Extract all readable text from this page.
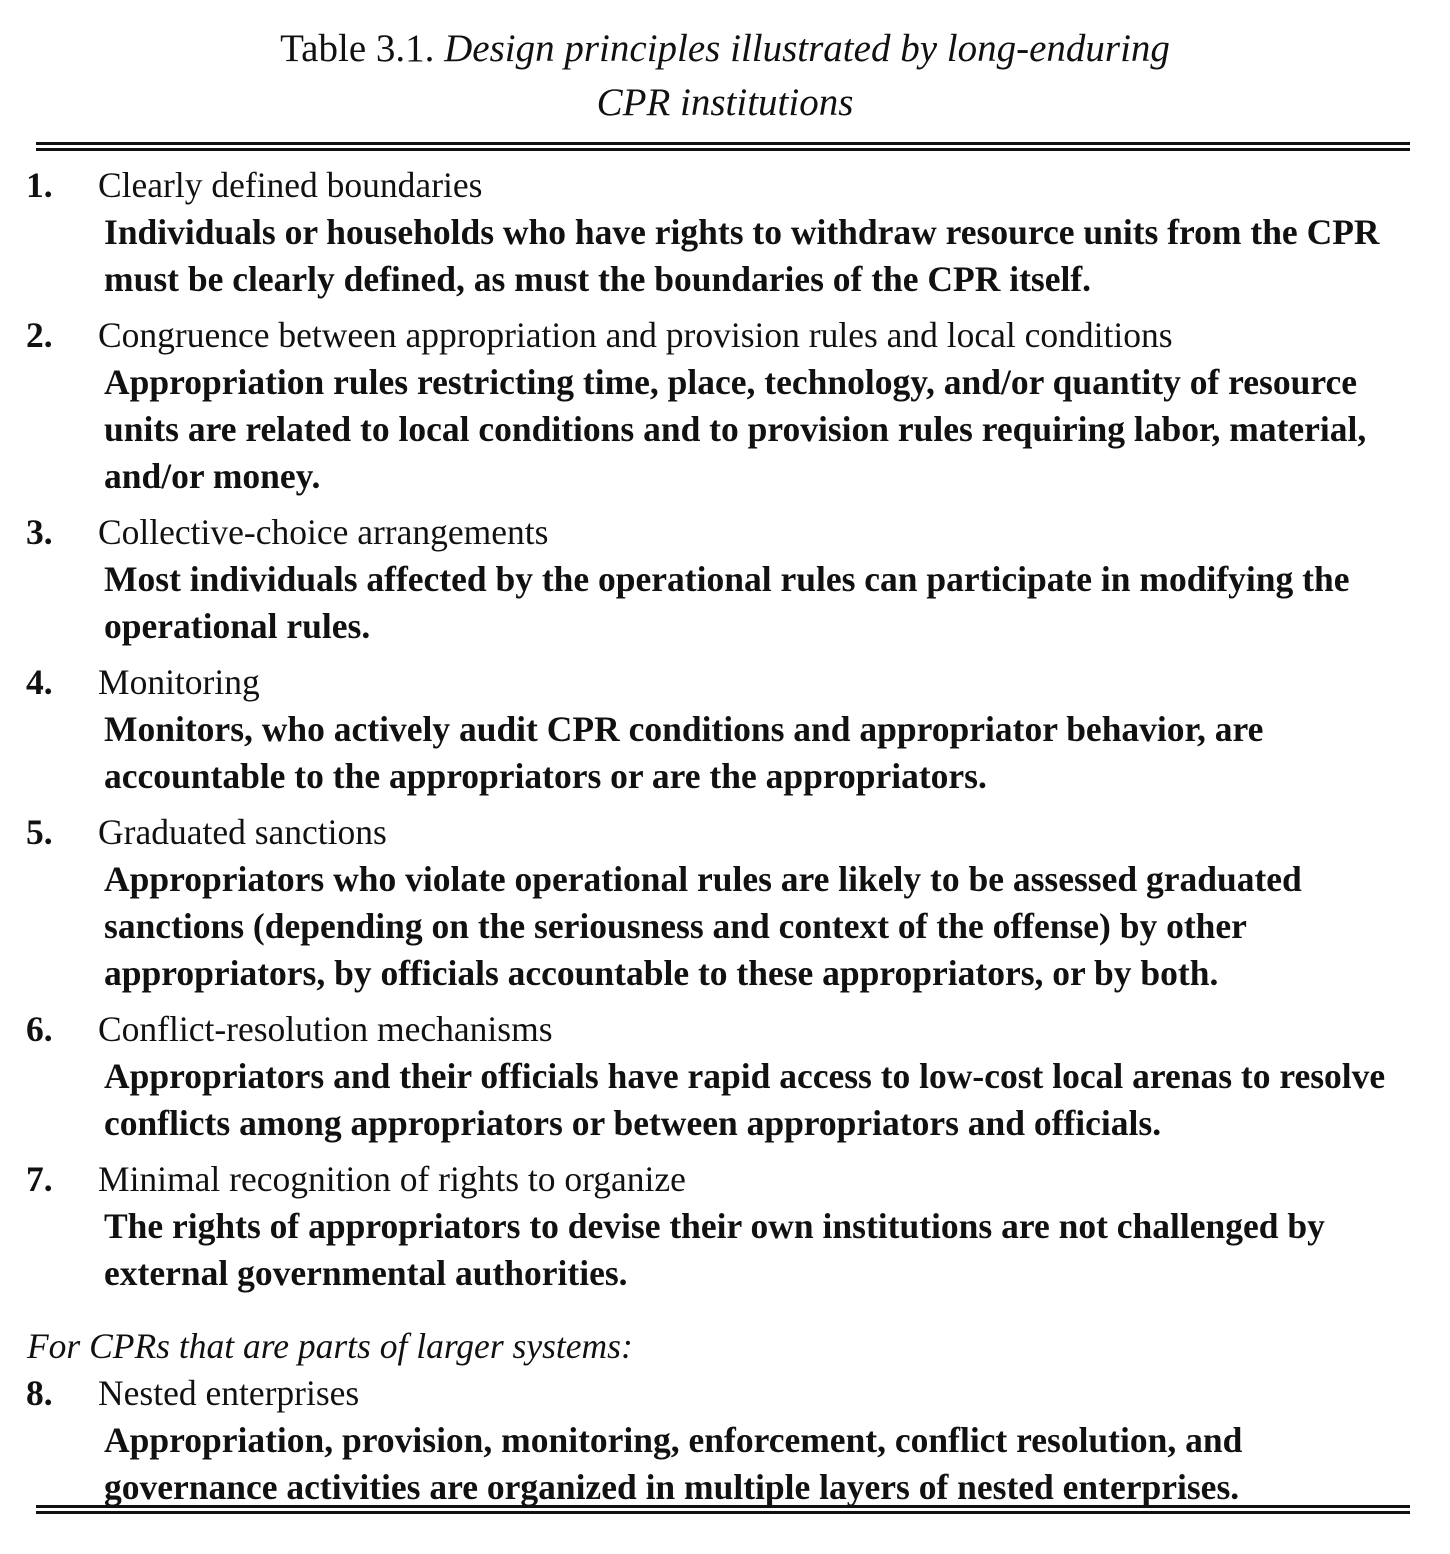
Table 3.1. Design principles illustrated by long-enduring
CPR institutions
1.	Clearly defined boundaries
Individuals or households who have rights to withdraw resource units from the CPR must be clearly defined, as must the boundaries of the CPR itself.
2.	Congruence between appropriation and provision rules and local conditions
Appropriation rules restricting time, place, technology, and/or quantity of resource units are related to local conditions and to provision rules requiring labor, material, and/or money.
3.	Collective-choice arrangements
Most individuals affected by the operational rules can participate in modifying the operational rules.
4.	Monitoring
Monitors, who actively audit CPR conditions and appropriator behavior, are accountable to the appropriators or are the appropriators.
5.	Graduated sanctions
Appropriators who violate operational rules are likely to be assessed graduated sanctions (depending on the seriousness and context of the offense) by other appropriators, by officials accountable to these appropriators, or by both.
6.	Conflict-resolution mechanisms
Appropriators and their officials have rapid access to low-cost local arenas to resolve conflicts among appropriators or between appropriators and officials.
7.	Minimal recognition of rights to organize
The rights of appropriators to devise their own institutions are not challenged by external governmental authorities.
For CPRs that are parts of larger systems:
8.	Nested enterprises
Appropriation, provision, monitoring, enforcement, conflict resolution, and governance activities are organized in multiple layers of nested enterprises.
